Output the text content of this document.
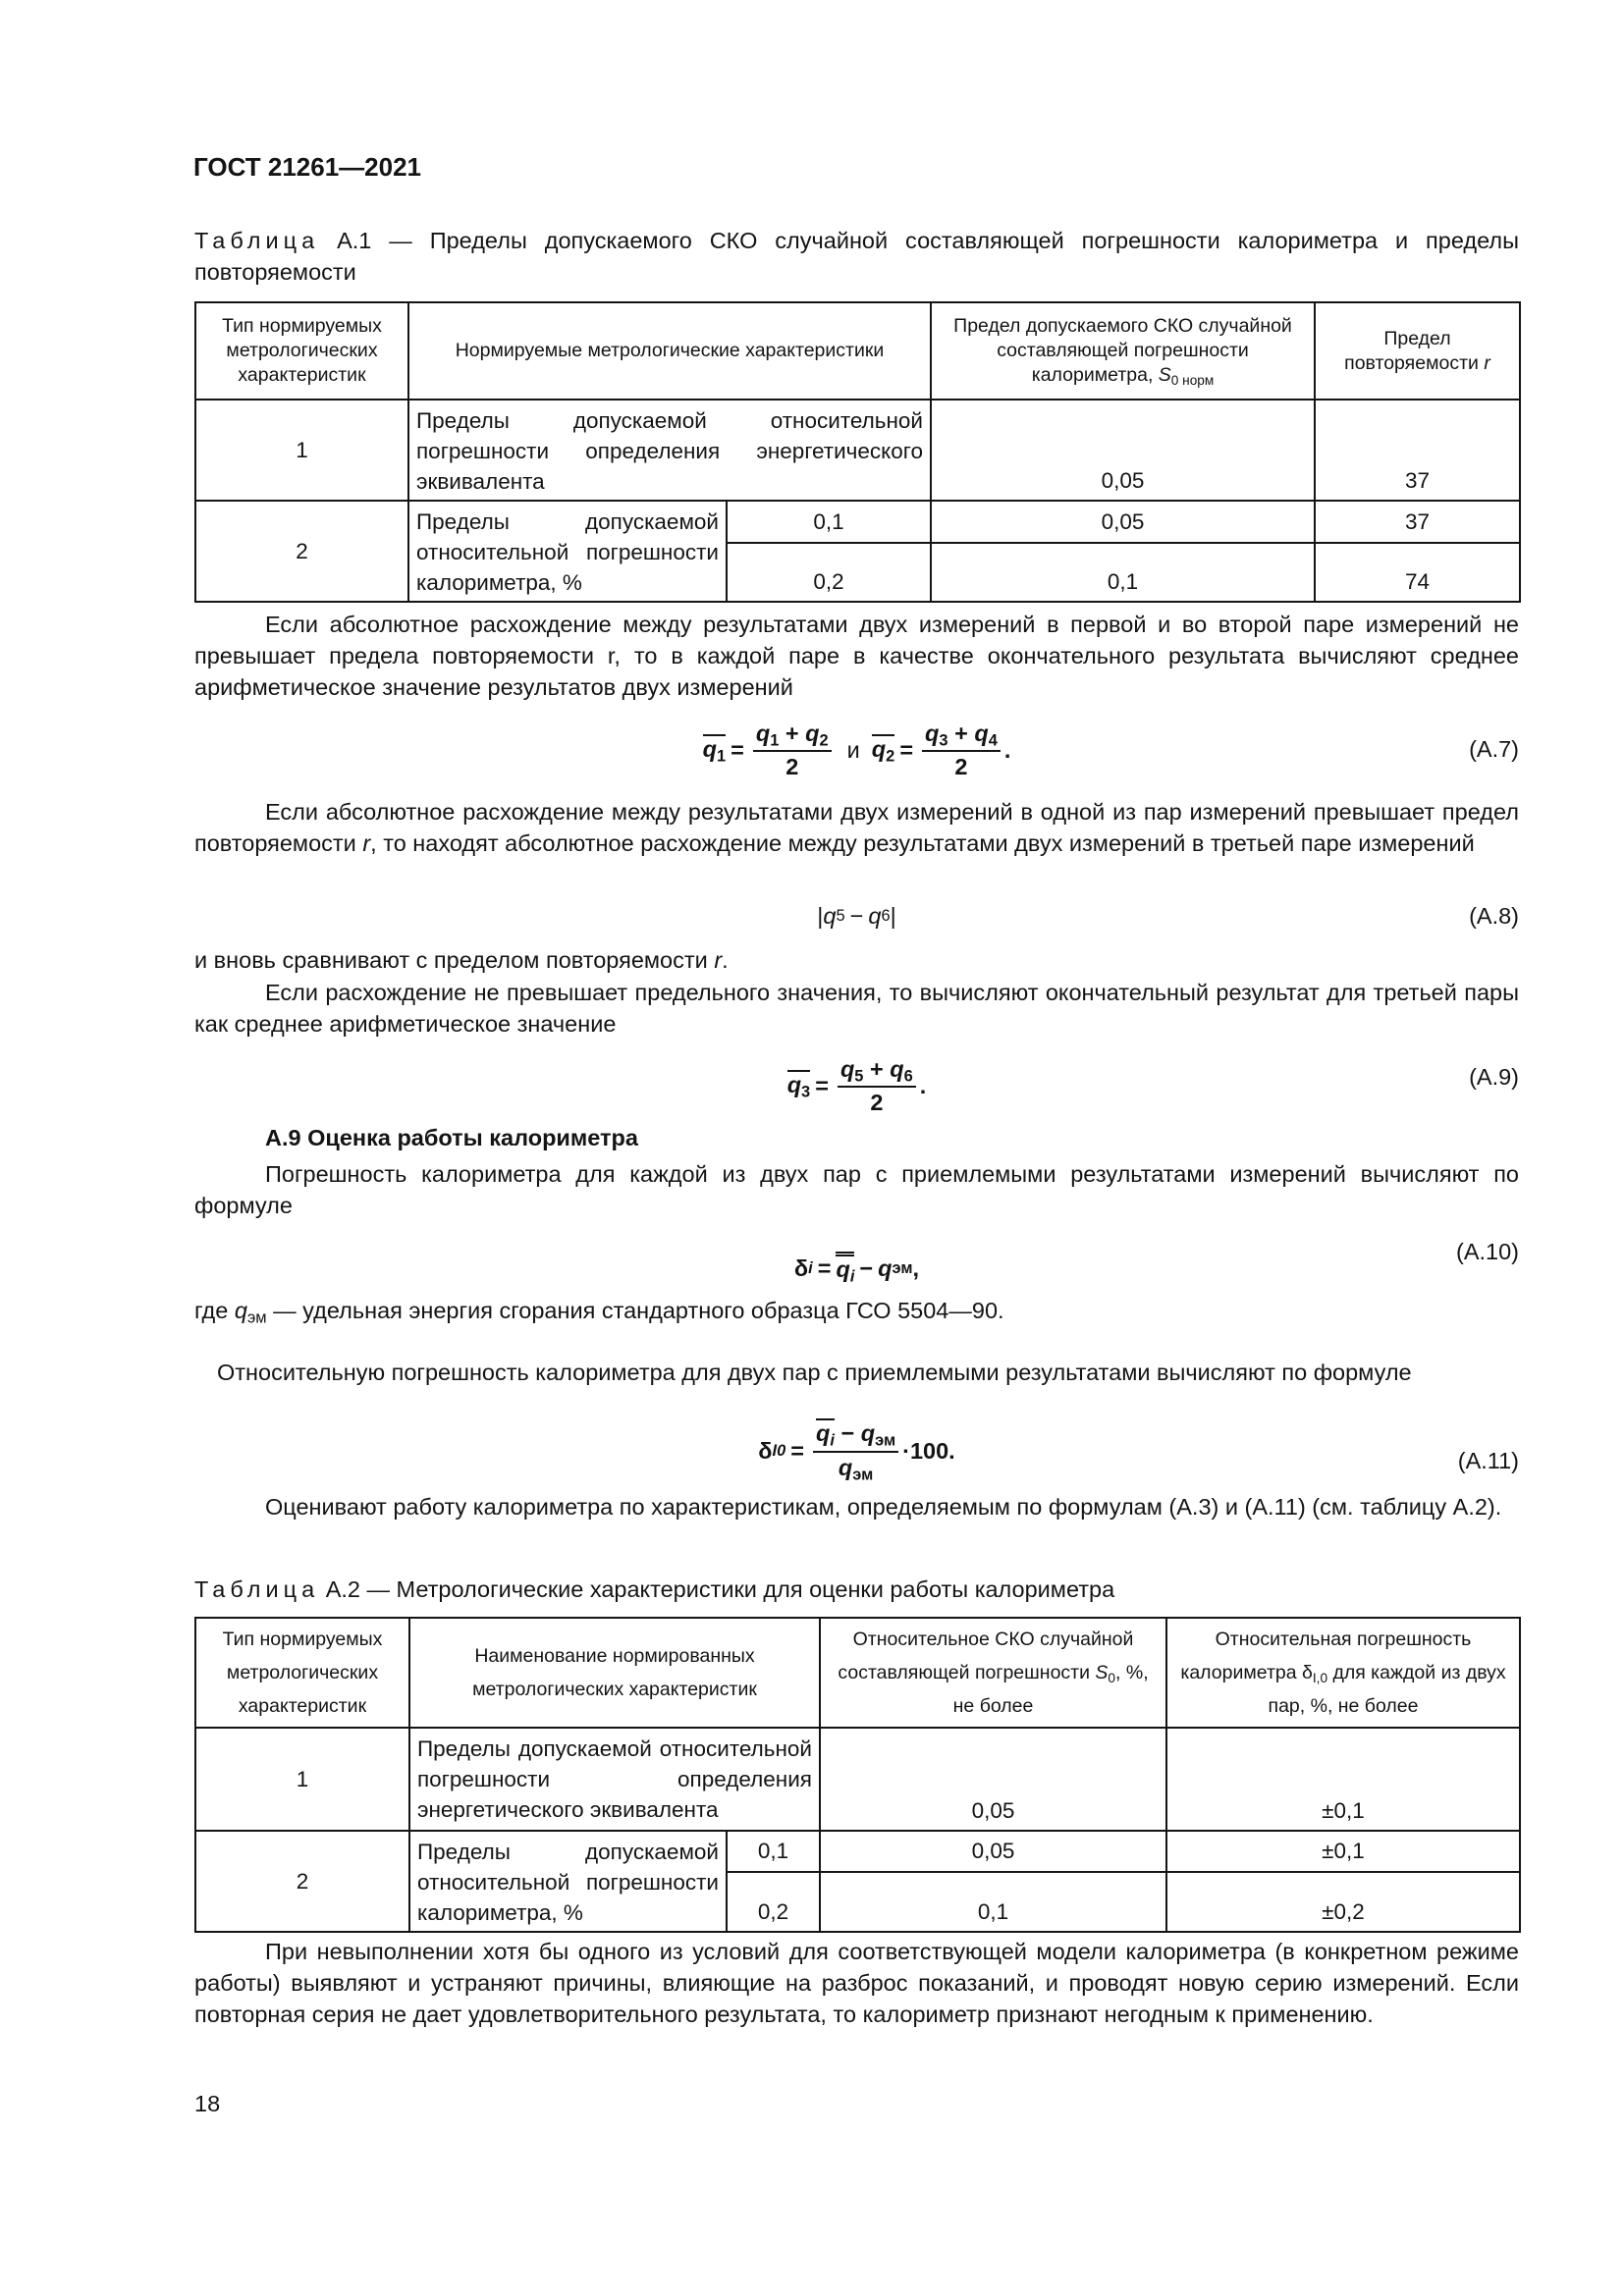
ГОСТ 21261—2021
Таблица А.1 — Пределы допускаемого СКО случайной составляющей погрешности калориметра и пределы повторяемости
Тип нормируемых метрологических характеристик	Нормируемые метрологические характеристики		Предел допускаемого СКО случайной составляющей погрешности калориметра, $S_{0 норм}$	Предел повторяемости r
1	Пределы допускаемой относительной погрешности определения энергетического эквивалента		0,05	37
2	Пределы допускаемой относительной погрешности калориметра, %	0,1	0,05	37
		0,2	0,1	74
Если абсолютное расхождение между результатами двух измерений в первой и во второй паре измерений не превышает предела повторяемости r, то в каждой паре в качестве окончательного результата вычисляют среднее арифметическое значение результатов двух измерений
$q_1 = \frac{q_1 + q_2}{2}$ и $q_2 = \frac{q_3 + q_4}{2}$ .	(А.7)
Если абсолютное расхождение между результатами двух измерений в одной из пар измерений превышает предел повторяемости r, то находят абсолютное расхождение между результатами двух измерений в третьей паре измерений
| q 5 − q 6 |	(А.8)
и вновь сравнивают с пределом повторяемости r.
Если расхождение не превышает предельного значения, то вычисляют окончательный результат для третьей пары как среднее арифметическое значение
$q_3 = \frac{q_5 + q_6}{2}$ .	(А.9)
А.9 Оценка работы калориметра
Погрешность калориметра для каждой из двух пар с приемлемыми результатами измерений вычисляют по формуле
δ $i = q_i - q$ эм ,
(А.10)
где $q_{эм}$ — удельная энергия сгорания стандартного образца ГСО 5504—90.
Относительную погрешность калориметра для двух пар с приемлемыми результатами вычисляют по формуле
δ $I0 = \frac{q_i - q_{эм}}{q_{эм}} \cdot 100$.	(А.11)
Оценивают работу калориметра по характеристикам, определяемым по формулам (А.3) и (А.11) (см. таблицу А.2).
Таблица А.2 — Метрологические характеристики для оценки работы калориметра
Тип нормируемых метрологических характеристик	Наименование нормированных метрологических характеристик		Относительное СКО случайной составляющей погрешности $S_0$, %, не более	Относительная погрешность калориметра $\delta_{I,0}$ для каждой из двух пар, %, не более
1	Пределы допускаемой относительной погрешности определения энергетического эквивалента		0,05	±0,1
2	Пределы допускаемой относительной погрешности калориметра, %	0,1	0,05	±0,1
		0,2	0,1	±0,2
При невыполнении хотя бы одного из условий для соответствующей модели калориметра (в конкретном режиме работы) выявляют и устраняют причины, влияющие на разброс показаний, и проводят новую серию измерений. Если повторная серия не дает удовлетворительного результата, то калориметр признают негодным к применению.
18
